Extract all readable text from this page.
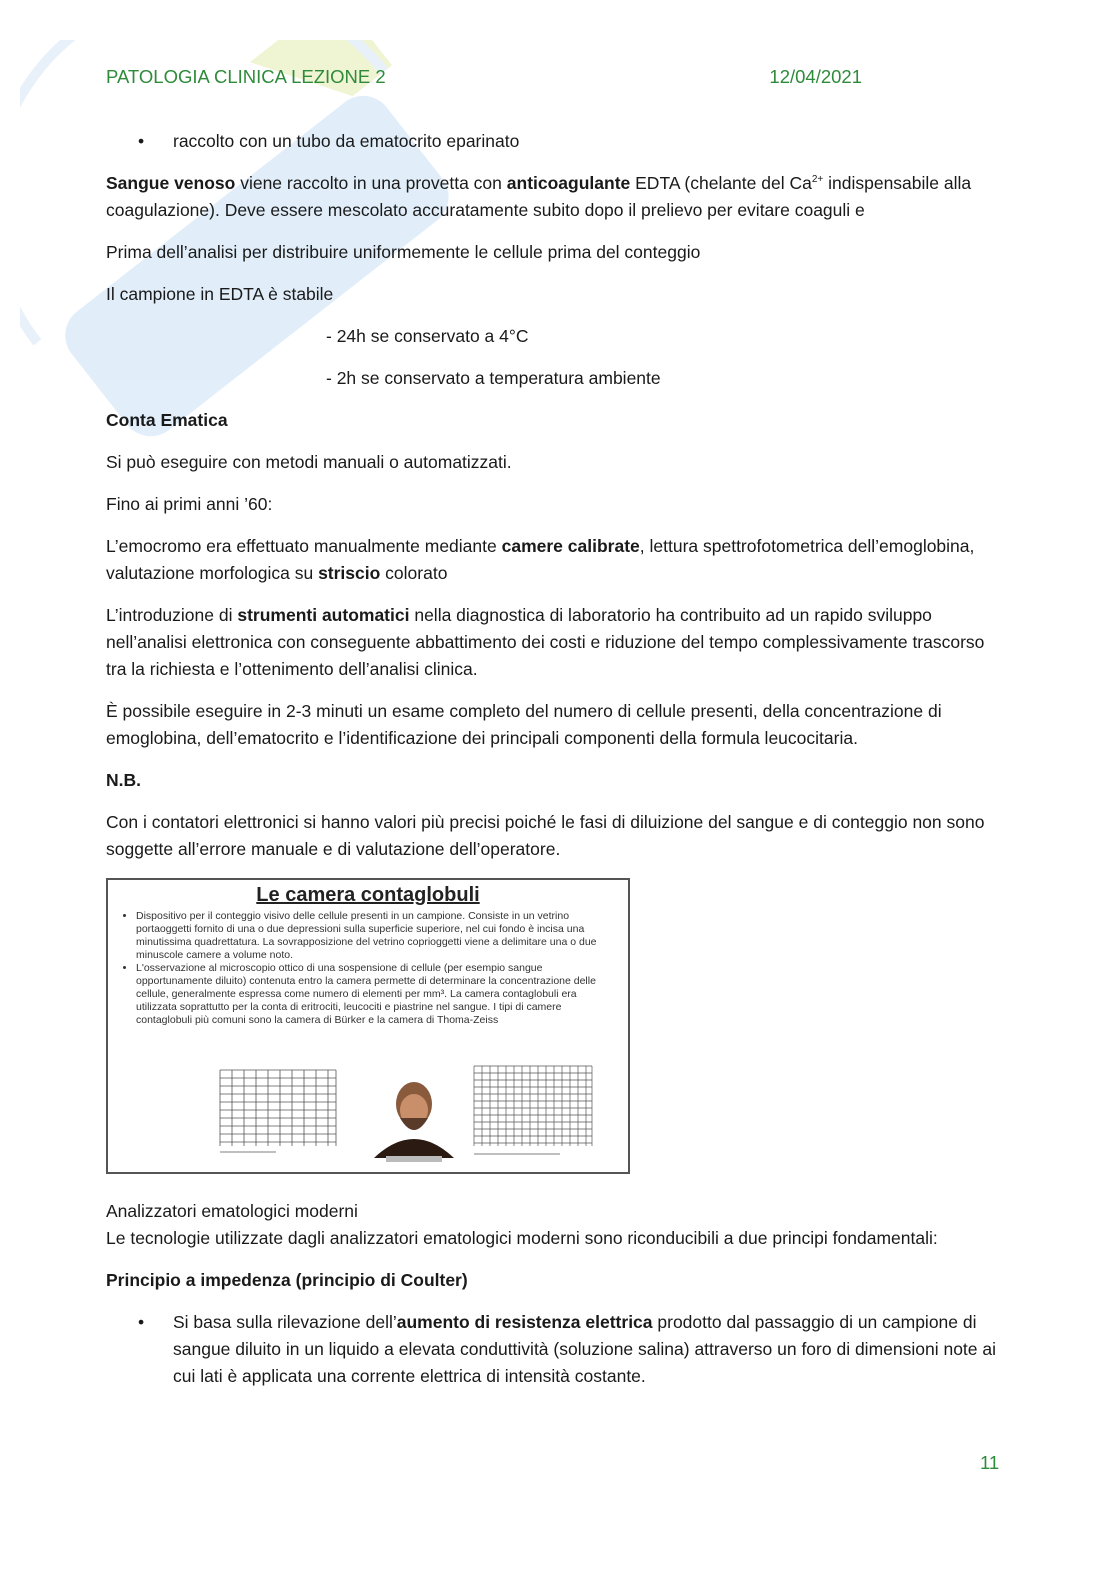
PATOLOGIA CLINICA LEZIONE 2	12/04/2021
• raccolto con un tubo da ematocrito eparinato

Sangue venoso viene raccolto in una provetta con anticoagulante EDTA (chelante del $Ca^{2+}$ indispensabile alla coagulazione). Deve essere mescolato accuratamente subito dopo il prelievo per evitare coaguli e

Prima dell’analisi per distribuire uniformemente le cellule prima del conteggio

Il campione in EDTA è stabile

- 24h se conservato a 4°C

- 2h se conservato a temperatura ambiente

Conta Ematica

Si può eseguire con metodi manuali o automatizzati.

Fino ai primi anni ’60:

L’emocromo era effettuato manualmente mediante camere calibrate, lettura spettrofotometrica dell’emoglobina, valutazione morfologica su striscio colorato

L’introduzione di strumenti automatici nella diagnostica di laboratorio ha contribuito ad un rapido sviluppo nell’analisi elettronica con conseguente abbattimento dei costi e riduzione del tempo complessivamente trascorso tra la richiesta e l’ottenimento dell’analisi clinica.

È possibile eseguire in 2-3 minuti un esame completo del numero di cellule presenti, della concentrazione di emoglobina, dell’ematocrito e l’identificazione dei principali componenti della formula leucocitaria.

N.B.

Con i contatori elettronici si hanno valori più precisi poiché le fasi di diluizione del sangue e di conteggio non sono soggette all’errore manuale e di valutazione dell’operatore.

Le camera contaglobuli
• Dispositivo per il conteggio visivo delle cellule presenti in un campione. Consiste in un vetrino portaoggetti fornito di una o due depressioni sulla superficie superiore, nel cui fondo è incisa una minutissima quadrettatura. La sovrapposizione del vetrino coprioggetti viene a delimitare una o due minuscole camere a volume noto.
• L'osservazione al microscopio ottico di una sospensione di cellule (per esempio sangue opportunamente diluito) contenuta entro la camera permette di determinare la concentrazione delle cellule, generalmente espressa come numero di elementi per mm³. La camera contaglobuli era utilizzata soprattutto per la conta di eritrociti, leucociti e piastrine nel sangue. I tipi di camere contaglobuli più comuni sono la camera di Bürker e la camera di Thoma-Zeiss

Analizzatori ematologici moderni
Le tecnologie utilizzate dagli analizzatori ematologici moderni sono riconducibili a due principi fondamentali:

Principio a impedenza (principio di Coulter)

• Si basa sulla rilevazione dell’aumento di resistenza elettrica prodotto dal passaggio di un campione di sangue diluito in un liquido a elevata conduttività (soluzione salina) attraverso un foro di dimensioni note ai cui lati è applicata una corrente elettrica di intensità costante.
11
